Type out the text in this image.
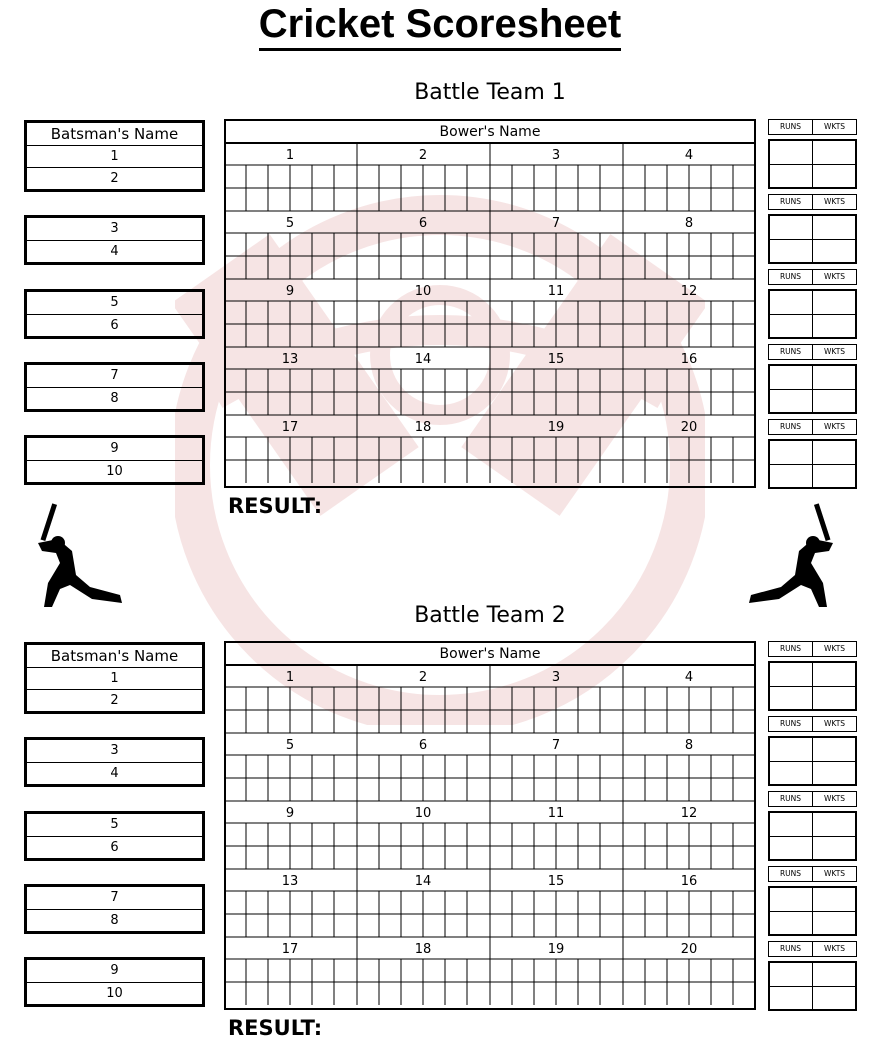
Cricket Scoresheet
Battle Team 1
Battle Team 2
RESULT:
RESULT:
Batsman's Name
1
2
3
4
5
6
7
8
9
10
Bower's Name
1	2	3	4
5	6	7	8
9	10	11	12
13	14	15	16
17	18	19	20
RUNS	WKTS
RUNS	WKTS
RUNS	WKTS
RUNS	WKTS
RUNS	WKTS
Batsman's Name
1
2
3
4
5
6
7
8
9
10
Bower's Name
1	2	3	4
5	6	7	8
9	10	11	12
13	14	15	16
17	18	19	20
RUNS	WKTS
RUNS	WKTS
RUNS	WKTS
RUNS	WKTS
RUNS	WKTS
